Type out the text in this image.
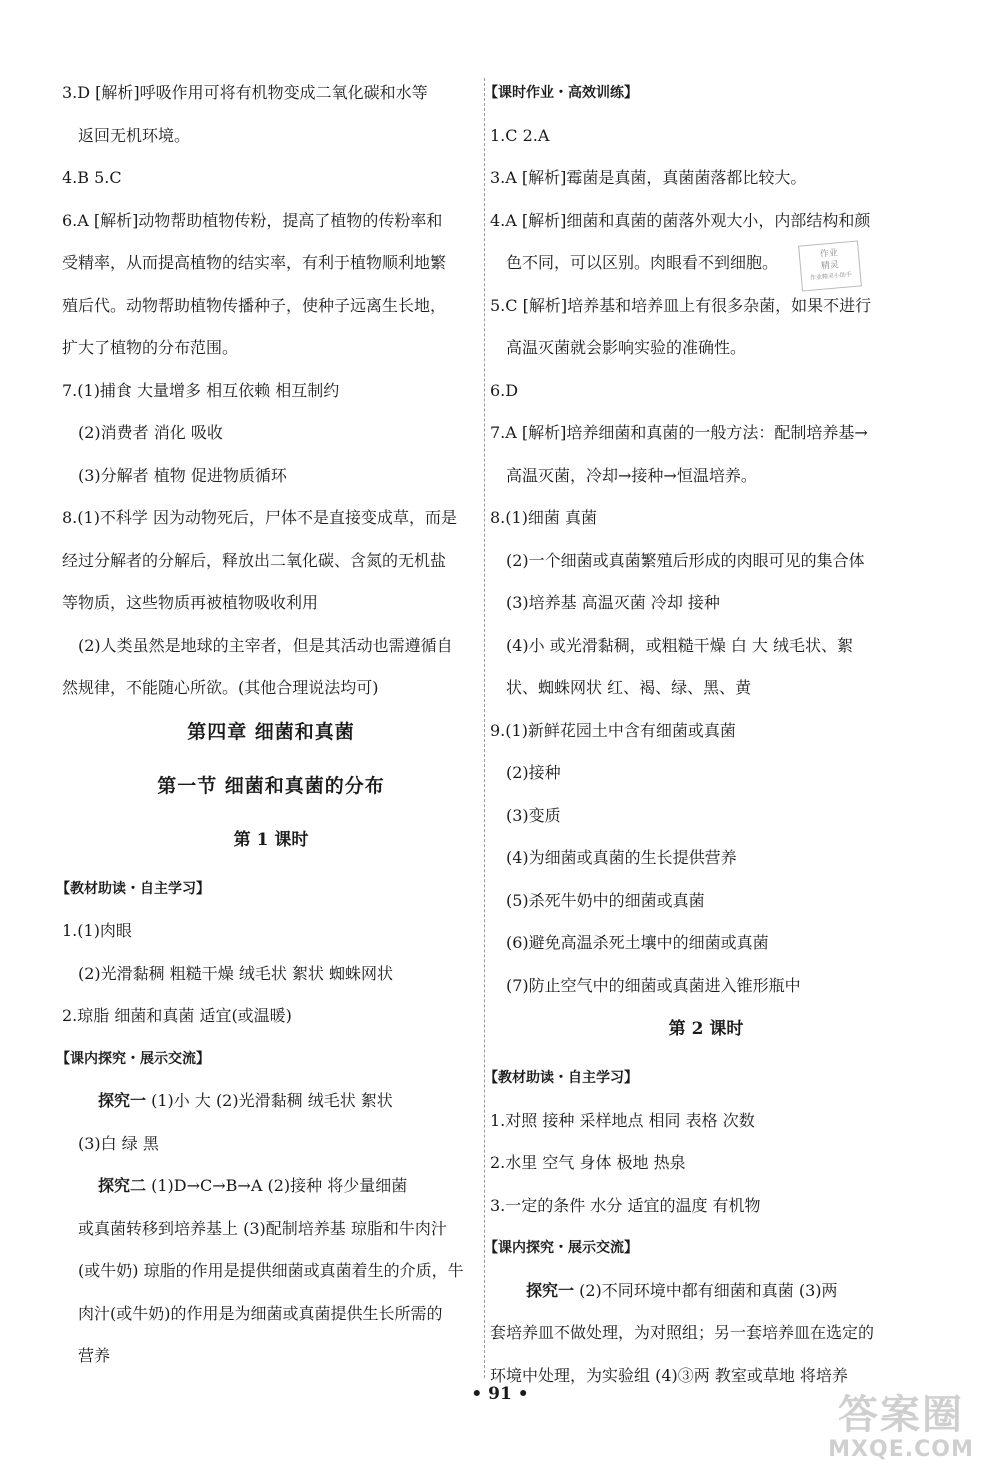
3.D [解析]呼吸作用可将有机物变成二氧化碳和水等
返回无机环境。
4.B 5.C
6.A [解析]动物帮助植物传粉，提高了植物的传粉率和
受精率，从而提高植物的结实率，有利于植物顺利地繁
殖后代。动物帮助植物传播种子，使种子远离生长地，
扩大了植物的分布范围。
7.(1)捕食 大量增多 相互依赖 相互制约
(2)消费者 消化 吸收
(3)分解者 植物 促进物质循环
8.(1)不科学 因为动物死后，尸体不是直接变成草，而是
经过分解者的分解后，释放出二氧化碳、含氮的无机盐
等物质，这些物质再被植物吸收利用
(2)人类虽然是地球的主宰者，但是其活动也需遵循自
然规律，不能随心所欲。(其他合理说法均可)
第四章 细菌和真菌
第一节 细菌和真菌的分布
第 1 课时
【教材助读・自主学习】
1.(1)肉眼
(2)光滑黏稠 粗糙干燥 绒毛状 絮状 蜘蛛网状
2.琼脂 细菌和真菌 适宜(或温暖)
【课内探究・展示交流】
探究一 (1)小 大 (2)光滑黏稠 绒毛状 絮状
(3)白 绿 黑
探究二 (1)D→C→B→A (2)接种 将少量细菌
或真菌转移到培养基上 (3)配制培养基 琼脂和牛肉汁
(或牛奶) 琼脂的作用是提供细菌或真菌着生的介质，牛
肉汁(或牛奶)的作用是为细菌或真菌提供生长所需的
营养
【课时作业・高效训练】
1.C 2.A
3.A [解析]霉菌是真菌，真菌菌落都比较大。
4.A [解析]细菌和真菌的菌落外观大小，内部结构和颜
色不同，可以区别。肉眼看不到细胞。
5.C [解析]培养基和培养皿上有很多杂菌，如果不进行
高温灭菌就会影响实验的准确性。
6.D
7.A [解析]培养细菌和真菌的一般方法：配制培养基→
高温灭菌，冷却→接种→恒温培养。
8.(1)细菌 真菌
(2)一个细菌或真菌繁殖后形成的肉眼可见的集合体
(3)培养基 高温灭菌 冷却 接种
(4)小 或光滑黏稠，或粗糙干燥 白 大 绒毛状、絮
状、蜘蛛网状 红、褐、绿、黑、黄
9.(1)新鲜花园土中含有细菌或真菌
(2)接种
(3)变质
(4)为细菌或真菌的生长提供营养
(5)杀死牛奶中的细菌或真菌
(6)避免高温杀死土壤中的细菌或真菌
(7)防止空气中的细菌或真菌进入锥形瓶中
第 2 课时
【教材助读・自主学习】
1.对照 接种 采样地点 相同 表格 次数
2.水里 空气 身体 极地 热泉
3.一定的条件 水分 适宜的温度 有机物
【课内探究・展示交流】
探究一 (2)不同环境中都有细菌和真菌 (3)两
套培养皿不做处理，为对照组；另一套培养皿在选定的
环境中处理，为实验组 (4)③两 教室或草地 将培养
作业
精灵
作业精灵小助手
• 91 •	答案圈
MXQE.COM
